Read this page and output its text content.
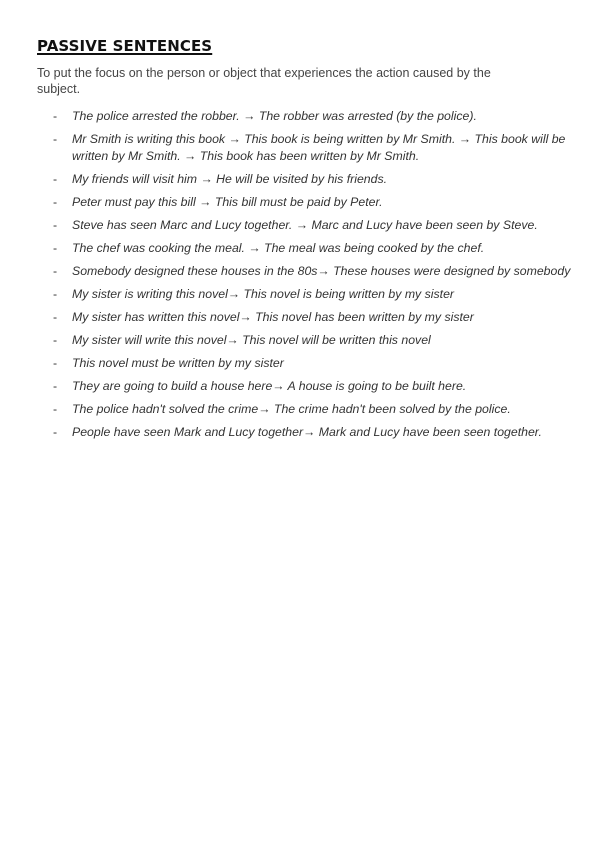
PASSIVE SENTENCES

To put the focus on the person or object that experiences the action caused by the subject.

- The police arrested the robber. → The robber was arrested (by the police).
- Mr Smith is writing this book → This book is being written by Mr Smith. → This book will be written by Mr Smith. → This book has been written by Mr Smith.
- My friends will visit him → He will be visited by his friends.
- Peter must pay this bill → This bill must be paid by Peter.
- Steve has seen Marc and Lucy together. → Marc and Lucy have been seen by Steve.
- The chef was cooking the meal. → The meal was being cooked by the chef.
- Somebody designed these houses in the 80s→ These houses were designed by somebody
- My sister is writing this novel→ This novel is being written by my sister
- My sister has written this novel→ This novel has been written by my sister
- My sister will write this novel→ This novel will be written this novel
- This novel must be written by my sister
- They are going to build a house here→ A house is going to be built here.
- The police hadn't solved the crime→ The crime hadn't been solved by the police.
- People have seen Mark and Lucy together→ Mark and Lucy have been seen together.
